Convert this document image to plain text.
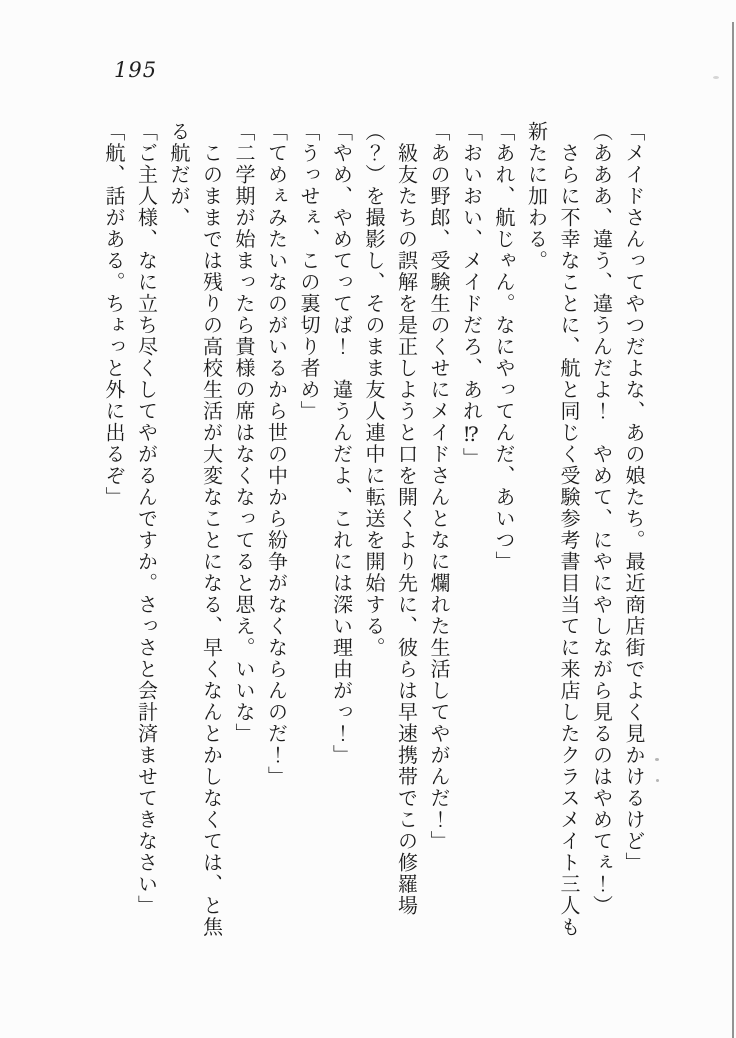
195

「メイドさんってやつだよな、あの娘たち。最近商店街でよく見かけるけど」

（あああ、違う、違うんだよ！　やめて、にやにやしながら見るのはやめてぇ！）

　さらに不幸なことに、航と同じく受験参考書目当てに来店したクラスメイト三人も

新たに加わる。

「あれ、航じゃん。なにやってんだ、あいつ」

「おいおい、メイドだろ、あれ⁉」

「あの野郎、受験生のくせにメイドさんとなに爛れた生活してやがんだ！」

　級友たちの誤解を是正しようと口を開くより先に、彼らは早速携帯でこの修羅場

（？）を撮影し、そのまま友人連中に転送を開始する。

「やめ、やめてってば！　違うんだよ、これには深い理由がっ！」

「うっせぇ、この裏切り者め」

「てめぇみたいなのがいるから世の中から紛争がなくならんのだ！」

「二学期が始まったら貴様の席はなくなってると思え。いいな」

　このままでは残りの高校生活が大変なことになる、早くなんとかしなくては、と焦

る航だが、

「ご主人様、なに立ち尽くしてやがるんですか。さっさと会計済ませてきなさい」

「航、話がある。ちょっと外に出るぞ」
